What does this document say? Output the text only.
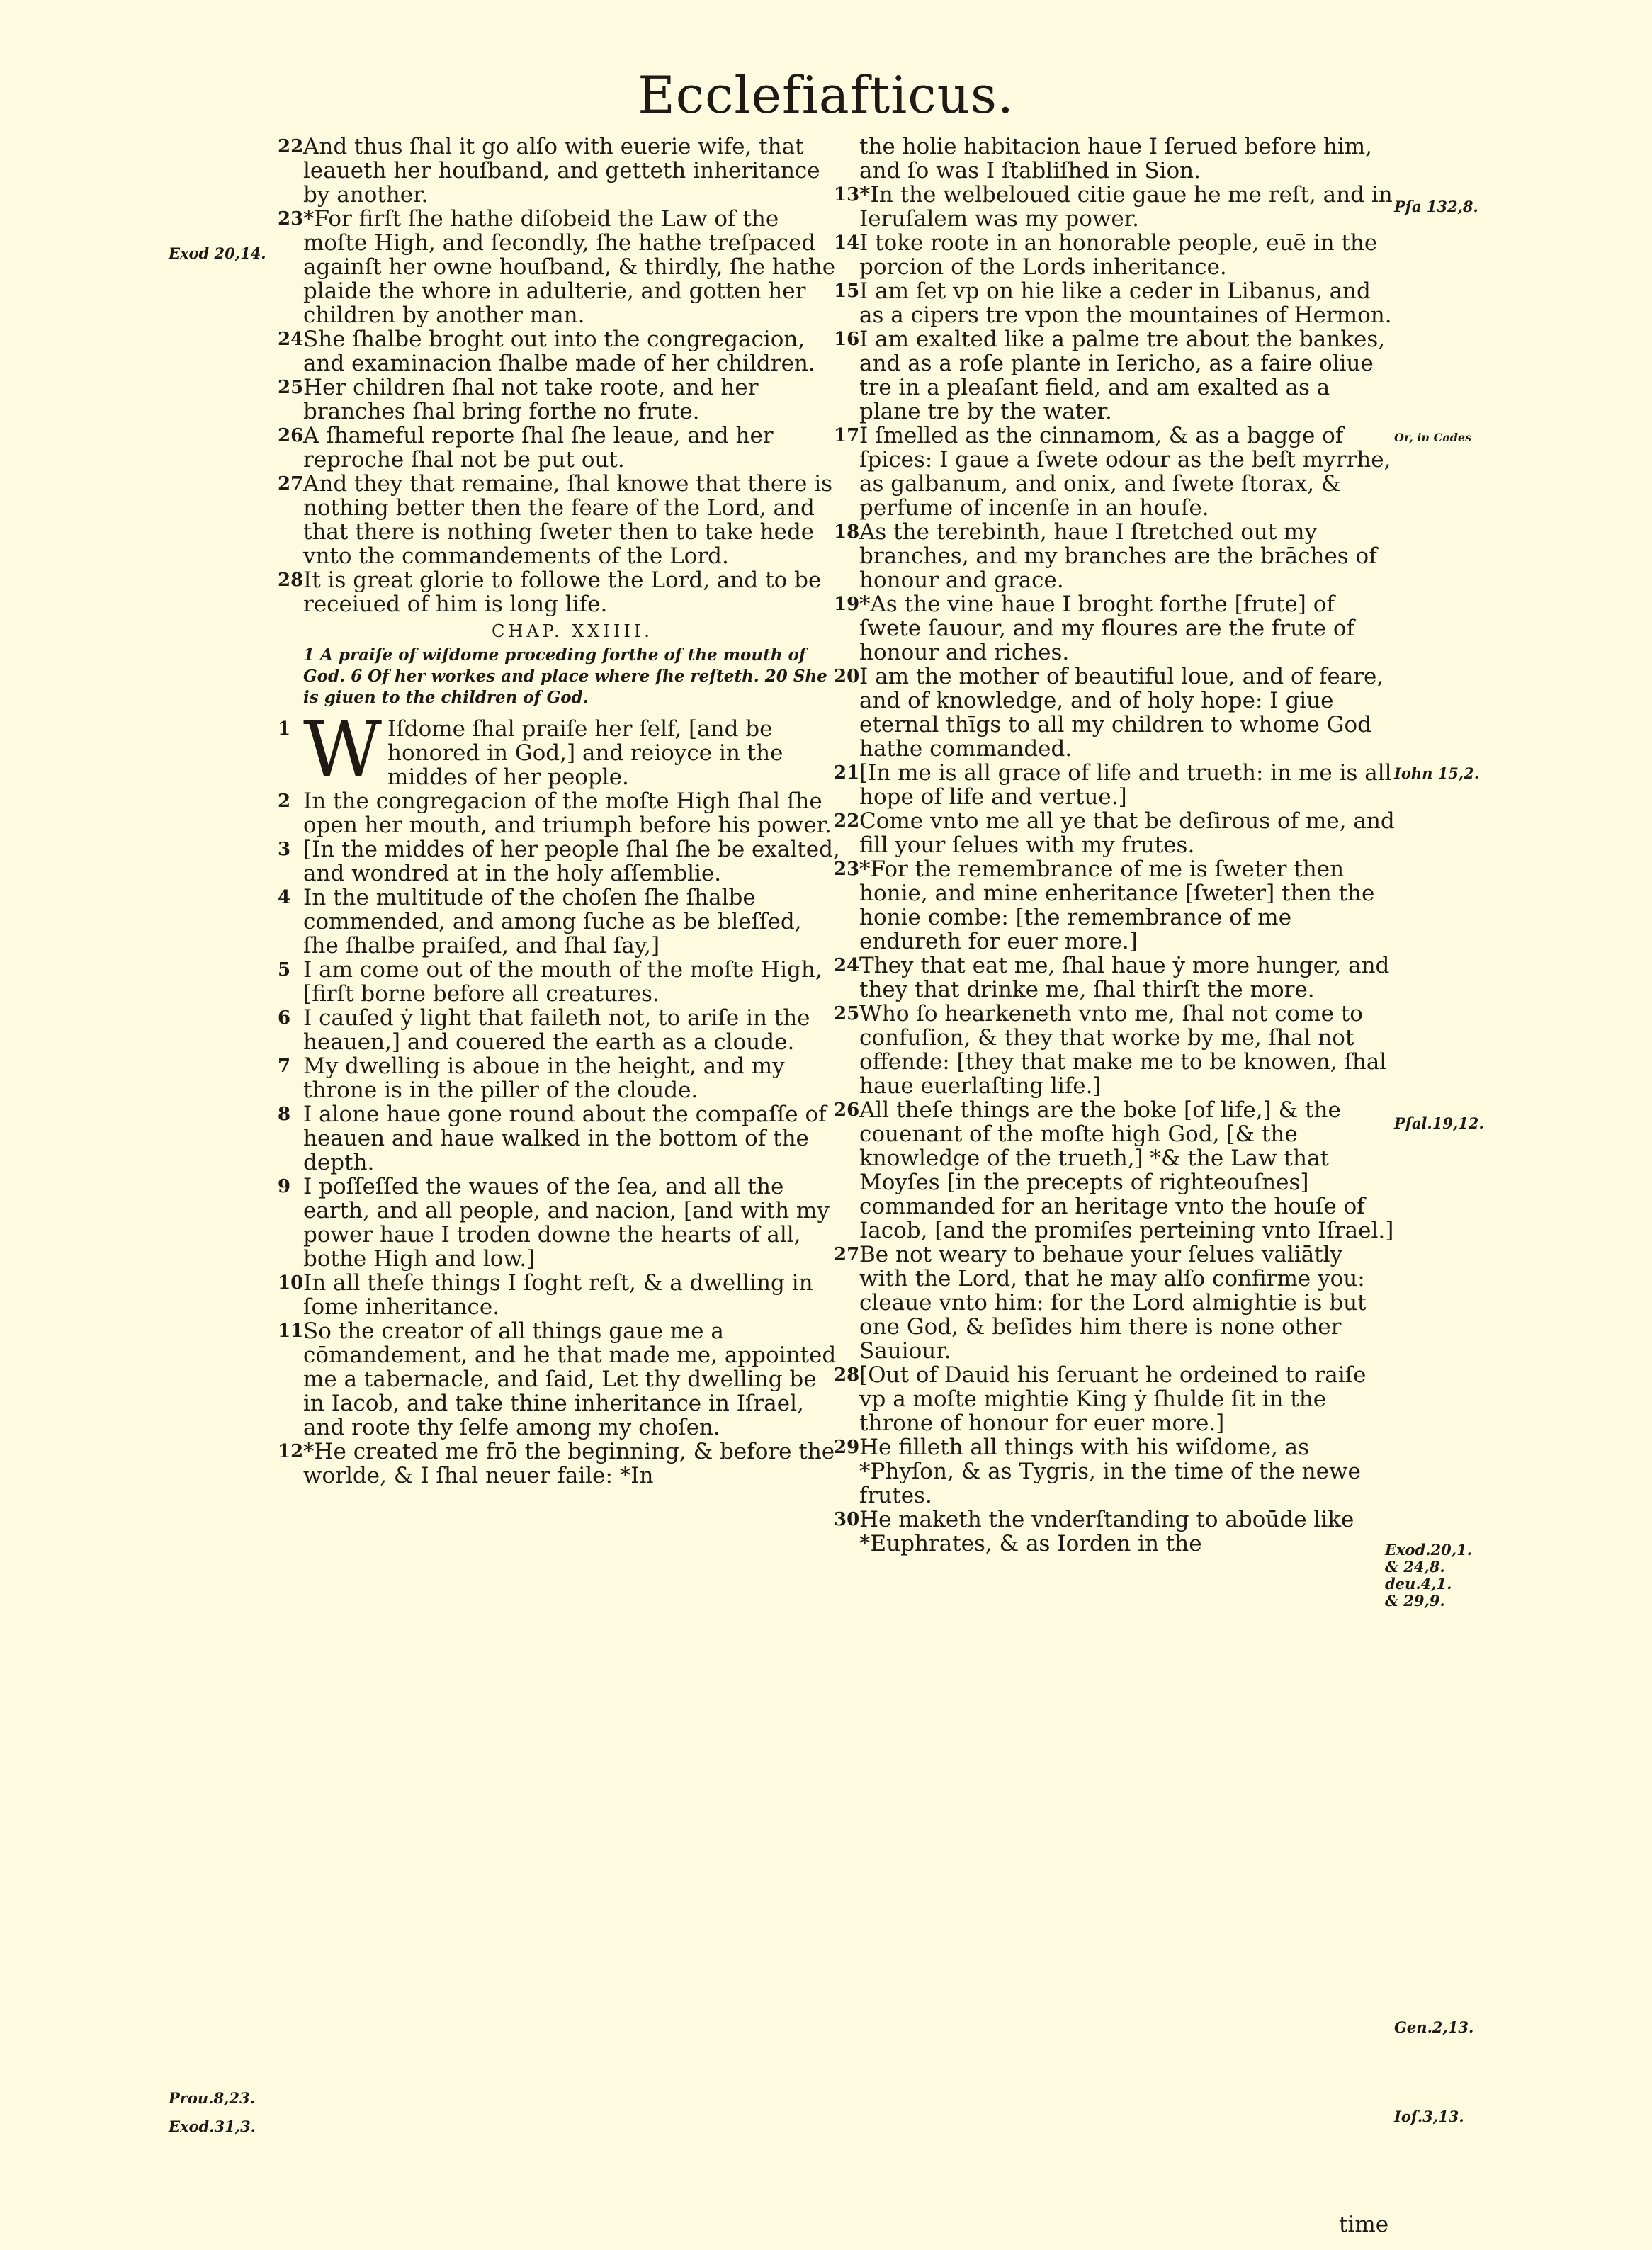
Ecclefiafticus.
22 And thus ſhal it go alſo with euerie wife, that leaueth her houſband, and getteth inheritance by another.
23 *For firſt ſhe hathe diſobeid the Law of the moſte High, and ſecondly, ſhe hathe treſpaced againſt her owne houſband, & thirdly, ſhe hathe plaide the whore in adulterie, and gotten her children by another man.
24 She ſhalbe broght out into the congregacion, and examinacion ſhalbe made of her children.
25 Her children ſhal not take roote, and her branches ſhal bring forthe no frute.
26 A ſhameful reporte ſhal ſhe leaue, and her reproche ſhal not be put out.
27 And they that remaine, ſhal knowe that there is nothing better then the feare of the Lord, and that there is nothing ſweter then to take hede vnto the commandements of the Lord.
28 It is great glorie to followe the Lord, and to be receiued of him is long life.
CHAP. XXIIII.
1 A praiſe of wiſdome proceding forthe of the mouth of God. 6 Of her workes and place where ſhe reſteth. 20 She is giuen to the children of God.
1 W Iſdome ſhal praiſe her ſelf, [and be honored in God,] and reioyce in the middes of her people.
2 In the congregacion of the moſte High ſhal ſhe open her mouth, and triumph before his power.
3 [In the middes of her people ſhal ſhe be exalted, and wondred at in the holy aſſemblie.
4 In the multitude of the choſen ſhe ſhalbe commended, and among ſuche as be bleſſed, ſhe ſhalbe praiſed, and ſhal ſay,]
5 I am come out of the mouth of the moſte High, [firſt borne before all creatures.
6 I cauſed ẏ light that faileth not, to ariſe in the heauen,] and couered the earth as a cloude.
7 My dwelling is aboue in the height, and my throne is in the piller of the cloude.
8 I alone haue gone round about the compaſſe of heauen and haue walked in the bottom of the depth.
9 I poſſeſſed the waues of the ſea, and all the earth, and all people, and nacion, [and with my power haue I troden downe the hearts of all, bothe High and low.]
10 In all theſe things I ſoght reſt, & a dwelling in ſome inheritance.
11 So the creator of all things gaue me a cōmandement, and he that made me, appointed me a tabernacle, and ſaid, Let thy dwelling be in Iacob, and take thine inheritance in Iſrael, and roote thy ſelfe among my choſen.
12 *He created me frō the beginning, & before the worlde, & I ſhal neuer faile: *In
the holie habitacion haue I ſerued before him, and ſo was I ſtabliſhed in Sion.
13 *In the welbeloued citie gaue he me reſt, and in Ieruſalem was my power.
14 I toke roote in an honorable people, euē in the porcion of the Lords inheritance.
15 I am ſet vp on hie like a ceder in Libanus, and as a cipers tre vpon the mountaines of Hermon.
16 I am exalted like a palme tre about the bankes, and as a roſe plante in Iericho, as a faire oliue tre in a pleaſant field, and am exalted as a plane tre by the water.
17 I ſmelled as the cinnamom, & as a bagge of ſpices: I gaue a ſwete odour as the beſt myrrhe, as galbanum, and onix, and ſwete ſtorax, & perfume of incenſe in an houſe.
18 As the terebinth, haue I ſtretched out my branches, and my branches are the brāches of honour and grace.
19 *As the vine haue I broght forthe [frute] of ſwete ſauour, and my floures are the frute of honour and riches.
20 I am the mother of beautiful loue, and of feare, and of knowledge, and of holy hope: I giue eternal thīgs to all my children to whome God hathe commanded.
21 [In me is all grace of life and trueth: in me is all hope of life and vertue.]
22 Come vnto me all ye that be deſirous of me, and fill your ſelues with my frutes.
23 *For the remembrance of me is ſweter then honie, and mine enheritance [ſweter] then the honie combe: [the remembrance of me endureth for euer more.]
24 They that eat me, ſhal haue ẏ more hunger, and they that drinke me, ſhal thirſt the more.
25 Who ſo hearkeneth vnto me, ſhal not come to confuſion, & they that worke by me, ſhal not offende: [they that make me to be knowen, ſhal haue euerlaſting life.]
26 All theſe things are the boke [of life,] & the couenant of the moſte high God, [& the knowledge of the trueth,] *& the Law that Moyſes [in the precepts of righteouſnes] commanded for an heritage vnto the houſe of Iacob, [and the promiſes perteining vnto Iſrael.]
27 Be not weary to behaue your ſelues valiātly with the Lord, that he may alſo confirme you: cleaue vnto him: for the Lord almightie is but one God, & beſides him there is none other Sauiour.
28 [Out of Dauid his ſeruant he ordeined to raiſe vp a moſte mightie King ẏ ſhulde ſit in the throne of honour for euer more.]
29 He filleth all things with his wiſdome, as *Phyſon, & as Tygris, in the time of the newe frutes.
30 He maketh the vnderſtanding to aboūde like *Euphrates, & as Iorden in the
time
Exod 20,14.
Prou.8,23.
Exod.31,3.
Pſa 132,8.
Or, in Cades
Iohn 15,2.
Pſal.19,12.
Exod.20,1. & 24,8. deu.4,1. & 29,9.
Gen.2,13.
Ioſ.3,13.
